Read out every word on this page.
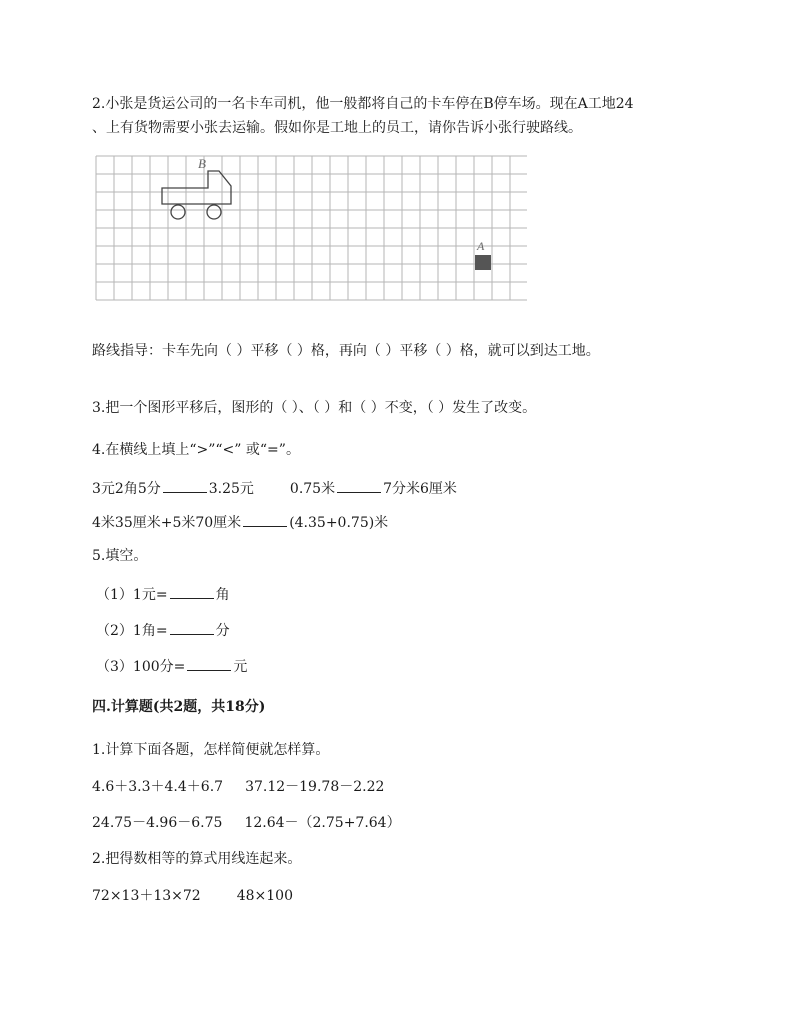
2.小张是货运公司的一名卡车司机，他一般都将自己的卡车停在B停车场。现在A工地24
、上有货物需要小张去运输。假如你是工地上的员工，请你告诉小张行驶路线。
B
A
路线指导：卡车先向（ ）平移（ ）格，再向（ ）平移（ ）格，就可以到达工地。
3.把一个图形平移后，图形的（ ）、（ ）和（ ）不变，（ ）发生了改变。
4.在横线上填上“>”“<” 或“=”。
3元2角5分	3.25元	0.75米	7分米6厘米
4米35厘米+5米70厘米	(4.35+0.75)米
5.填空。
（1）1元=	角
（2）1角=	分
（3）100分=	元
四.计算题(共2题，共18分)
1.计算下面各题，怎样简便就怎样算。
4.6＋3.3＋4.4＋6.7 37.12－19.78－2.22
24.75－4.96－6.75 12.64－（2.75+7.64）
2.把得数相等的算式用线连起来。
72×13＋13×72	48×100
